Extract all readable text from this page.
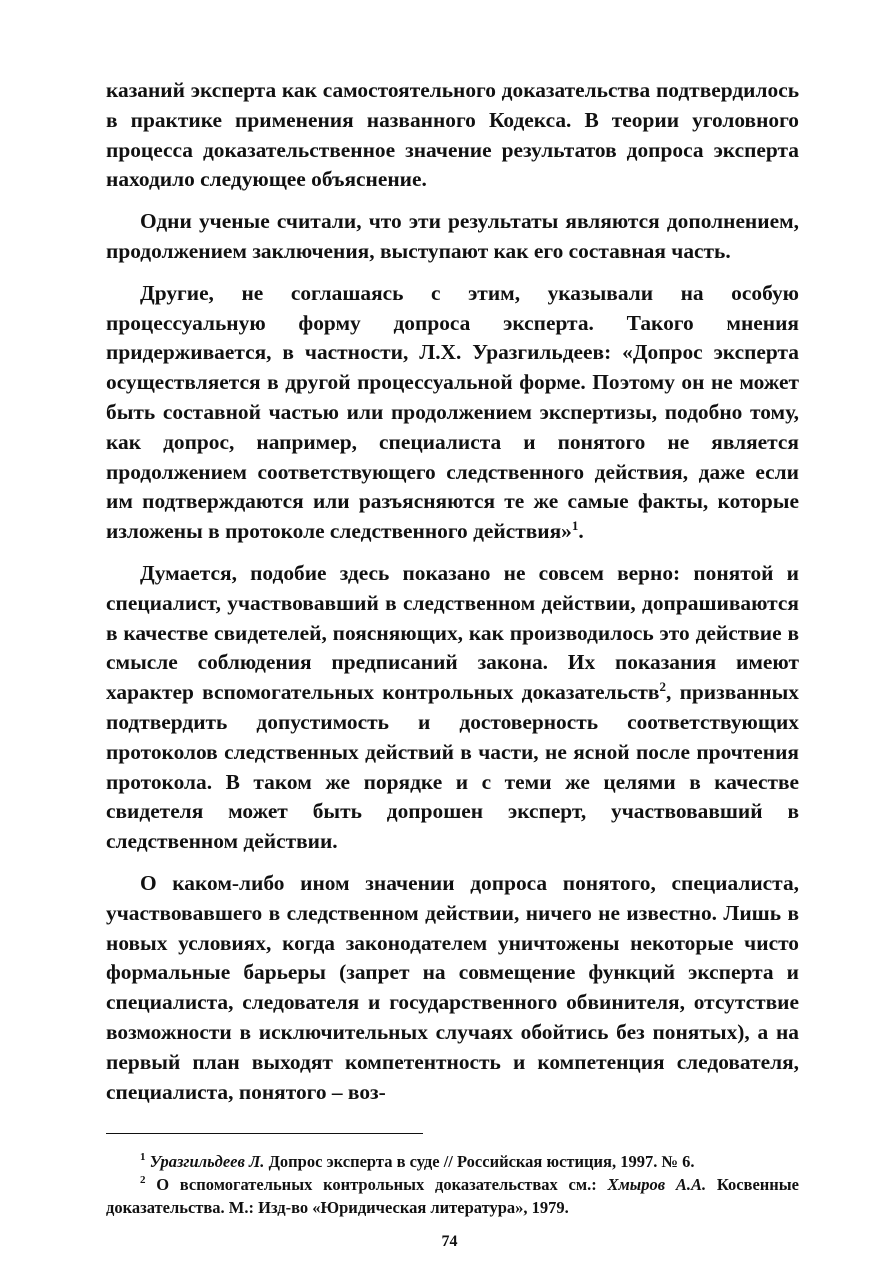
казаний эксперта как самостоятельного доказательства подтвердилось в практике применения названного Кодекса. В теории уголовного процесса доказательственное значение результатов допроса эксперта находило следующее объяснение.

Одни ученые считали, что эти результаты являются дополнением, продолжением заключения, выступают как его составная часть.

Другие, не соглашаясь с этим, указывали на особую процессуальную форму допроса эксперта. Такого мнения придерживается, в частности, Л.Х. Уразгильдеев: «Допрос эксперта осуществляется в другой процессуальной форме. Поэтому он не может быть составной частью или продолжением экспертизы, подобно тому, как допрос, например, специалиста и понятого не является продолжением соответствующего следственного действия, даже если им подтверждаются или разъясняются те же самые факты, которые изложены в протоколе следственного действия»$^1$.

Думается, подобие здесь показано не совсем верно: понятой и специалист, участвовавший в следственном действии, допрашиваются в качестве свидетелей, поясняющих, как производилось это действие в смысле соблюдения предписаний закона. Их показания имеют характер вспомогательных контрольных доказательств$^2$, призванных подтвердить допустимость и достоверность соответствующих протоколов следственных действий в части, не ясной после прочтения протокола. В таком же порядке и с теми же целями в качестве свидетеля может быть допрошен эксперт, участвовавший в следственном действии.

О каком-либо ином значении допроса понятого, специалиста, участвовавшего в следственном действии, ничего не известно. Лишь в новых условиях, когда законодателем уничтожены некоторые чисто формальные барьеры (запрет на совмещение функций эксперта и специалиста, следователя и государственного обвинителя, отсутствие возможности в исключительных случаях обойтись без понятых), а на первый план выходят компетентность и компетенция следователя, специалиста, понятого – воз-

$^1$ Уразгильдеев Л. Допрос эксперта в суде // Российская юстиция, 1997. № 6.

$^2$ О вспомогательных контрольных доказательствах см.: Хмыров А.А. Косвенные доказательства. М.: Изд-во «Юридическая литература», 1979.

74
